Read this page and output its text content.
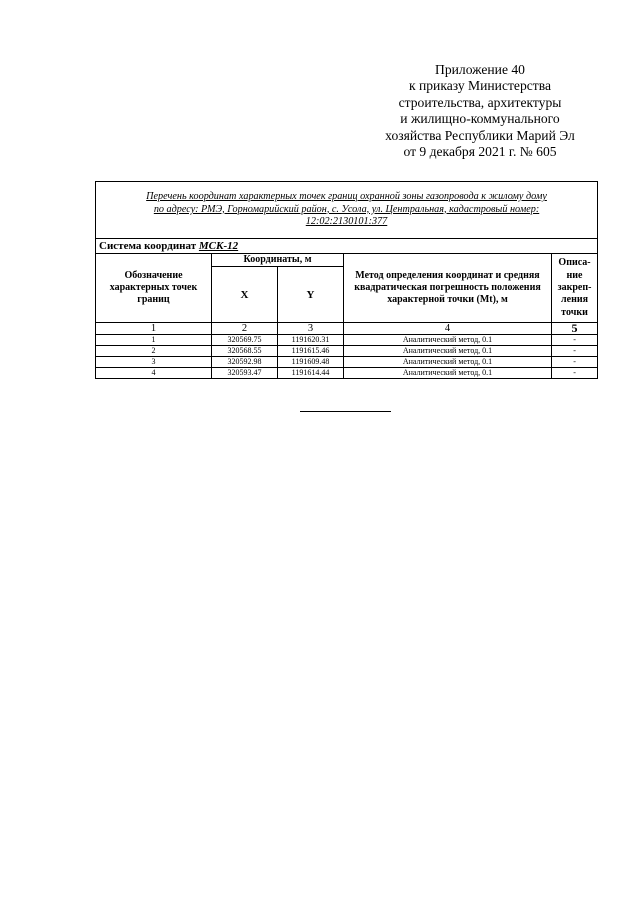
Приложение 40
к приказу Министерства
строительства, архитектуры
и жилищно-коммунального
хозяйства Республики Марий Эл
от 9 декабря 2021 г. № 605
Перечень координат характерных точек границ охранной зоны газопровода к жилому дому
по адресу: РМЭ, Горномарийский район, с. Усола, ул. Центральная, кадастровый номер:
12:02:2130101:377				
Система координат МСК-12				
Обозначение характерных точек границ	Координаты, м		Метод определения координат и средняя квадратическая погрешность положения характерной точки (Mt), м	Описа-ние закреп-ления точки
	X	Y		
1	2	3	4	5
1	320569.75	1191620.31	Аналитический метод, 0.1	-
2	320568.55	1191615.46	Аналитический метод, 0.1	-
3	320592.98	1191609.48	Аналитический метод, 0.1	-
4	320593.47	1191614.44	Аналитический метод, 0.1	-
